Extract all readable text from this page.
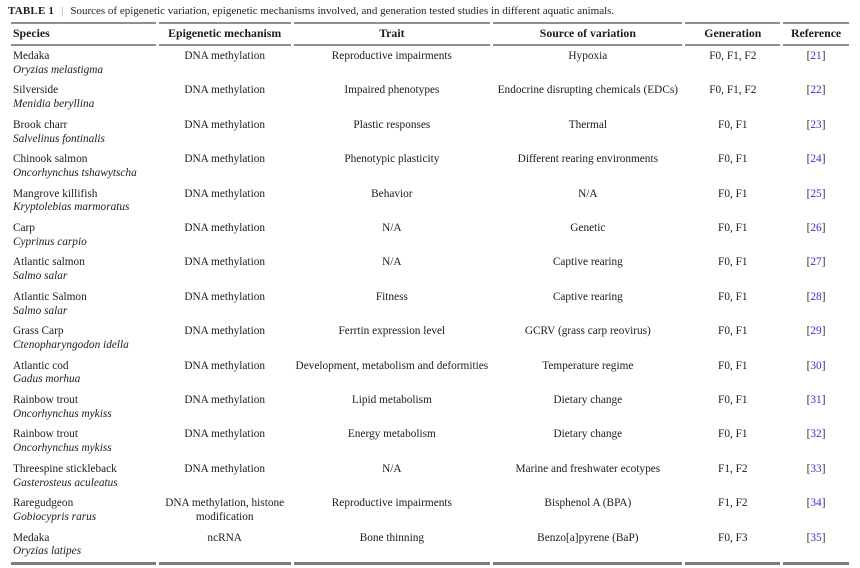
TABLE 1 | Sources of epigenetic variation, epigenetic mechanisms involved, and generation tested studies in different aquatic animals.
Species	Epigenetic mechanism	Trait	Source of variation	Generation	Reference

Medaka
Oryzias melastigma	DNA methylation	Reproductive impairments	Hypoxia	F0, F1, F2	[21]

Silverside
Menidia beryllina	DNA methylation	Impaired phenotypes	Endocrine disrupting chemicals (EDCs)	F0, F1, F2	[22]

Brook charr
Salvelinus fontinalis	DNA methylation	Plastic responses	Thermal	F0, F1	[23]

Chinook salmon
Oncorhynchus tshawytscha	DNA methylation	Phenotypic plasticity	Different rearing environments	F0, F1	[24]

Mangrove killifish
Kryptolebias marmoratus	DNA methylation	Behavior	N/A	F0, F1	[25]

Carp
Cyprinus carpio	DNA methylation	N/A	Genetic	F0, F1	[26]

Atlantic salmon
Salmo salar	DNA methylation	N/A	Captive rearing	F0, F1	[27]

Atlantic Salmon
Salmo salar	DNA methylation	Fitness	Captive rearing	F0, F1	[28]

Grass Carp
Ctenopharyngodon idella	DNA methylation	Ferrtin expression level	GCRV (grass carp reovirus)	F0, F1	[29]

Atlantic cod
Gadus morhua	DNA methylation	Development, metabolism and deformities	Temperature regime	F0, F1	[30]

Rainbow trout
Oncorhynchus mykiss	DNA methylation	Lipid metabolism	Dietary change	F0, F1	[31]

Rainbow trout
Oncorhynchus mykiss	DNA methylation	Energy metabolism	Dietary change	F0, F1	[32]

Threespine stickleback
Gasterosteus aculeatus	DNA methylation	N/A	Marine and freshwater ecotypes	F1, F2	[33]

Raregudgeon
Gobiocypris rarus	DNA methylation, histone modification	Reproductive impairments	Bisphenol A (BPA)	F1, F2	[34]

Medaka
Oryzias latipes	ncRNA	Bone thinning	Benzo[a]pyrene (BaP)	F0, F3	[35]
